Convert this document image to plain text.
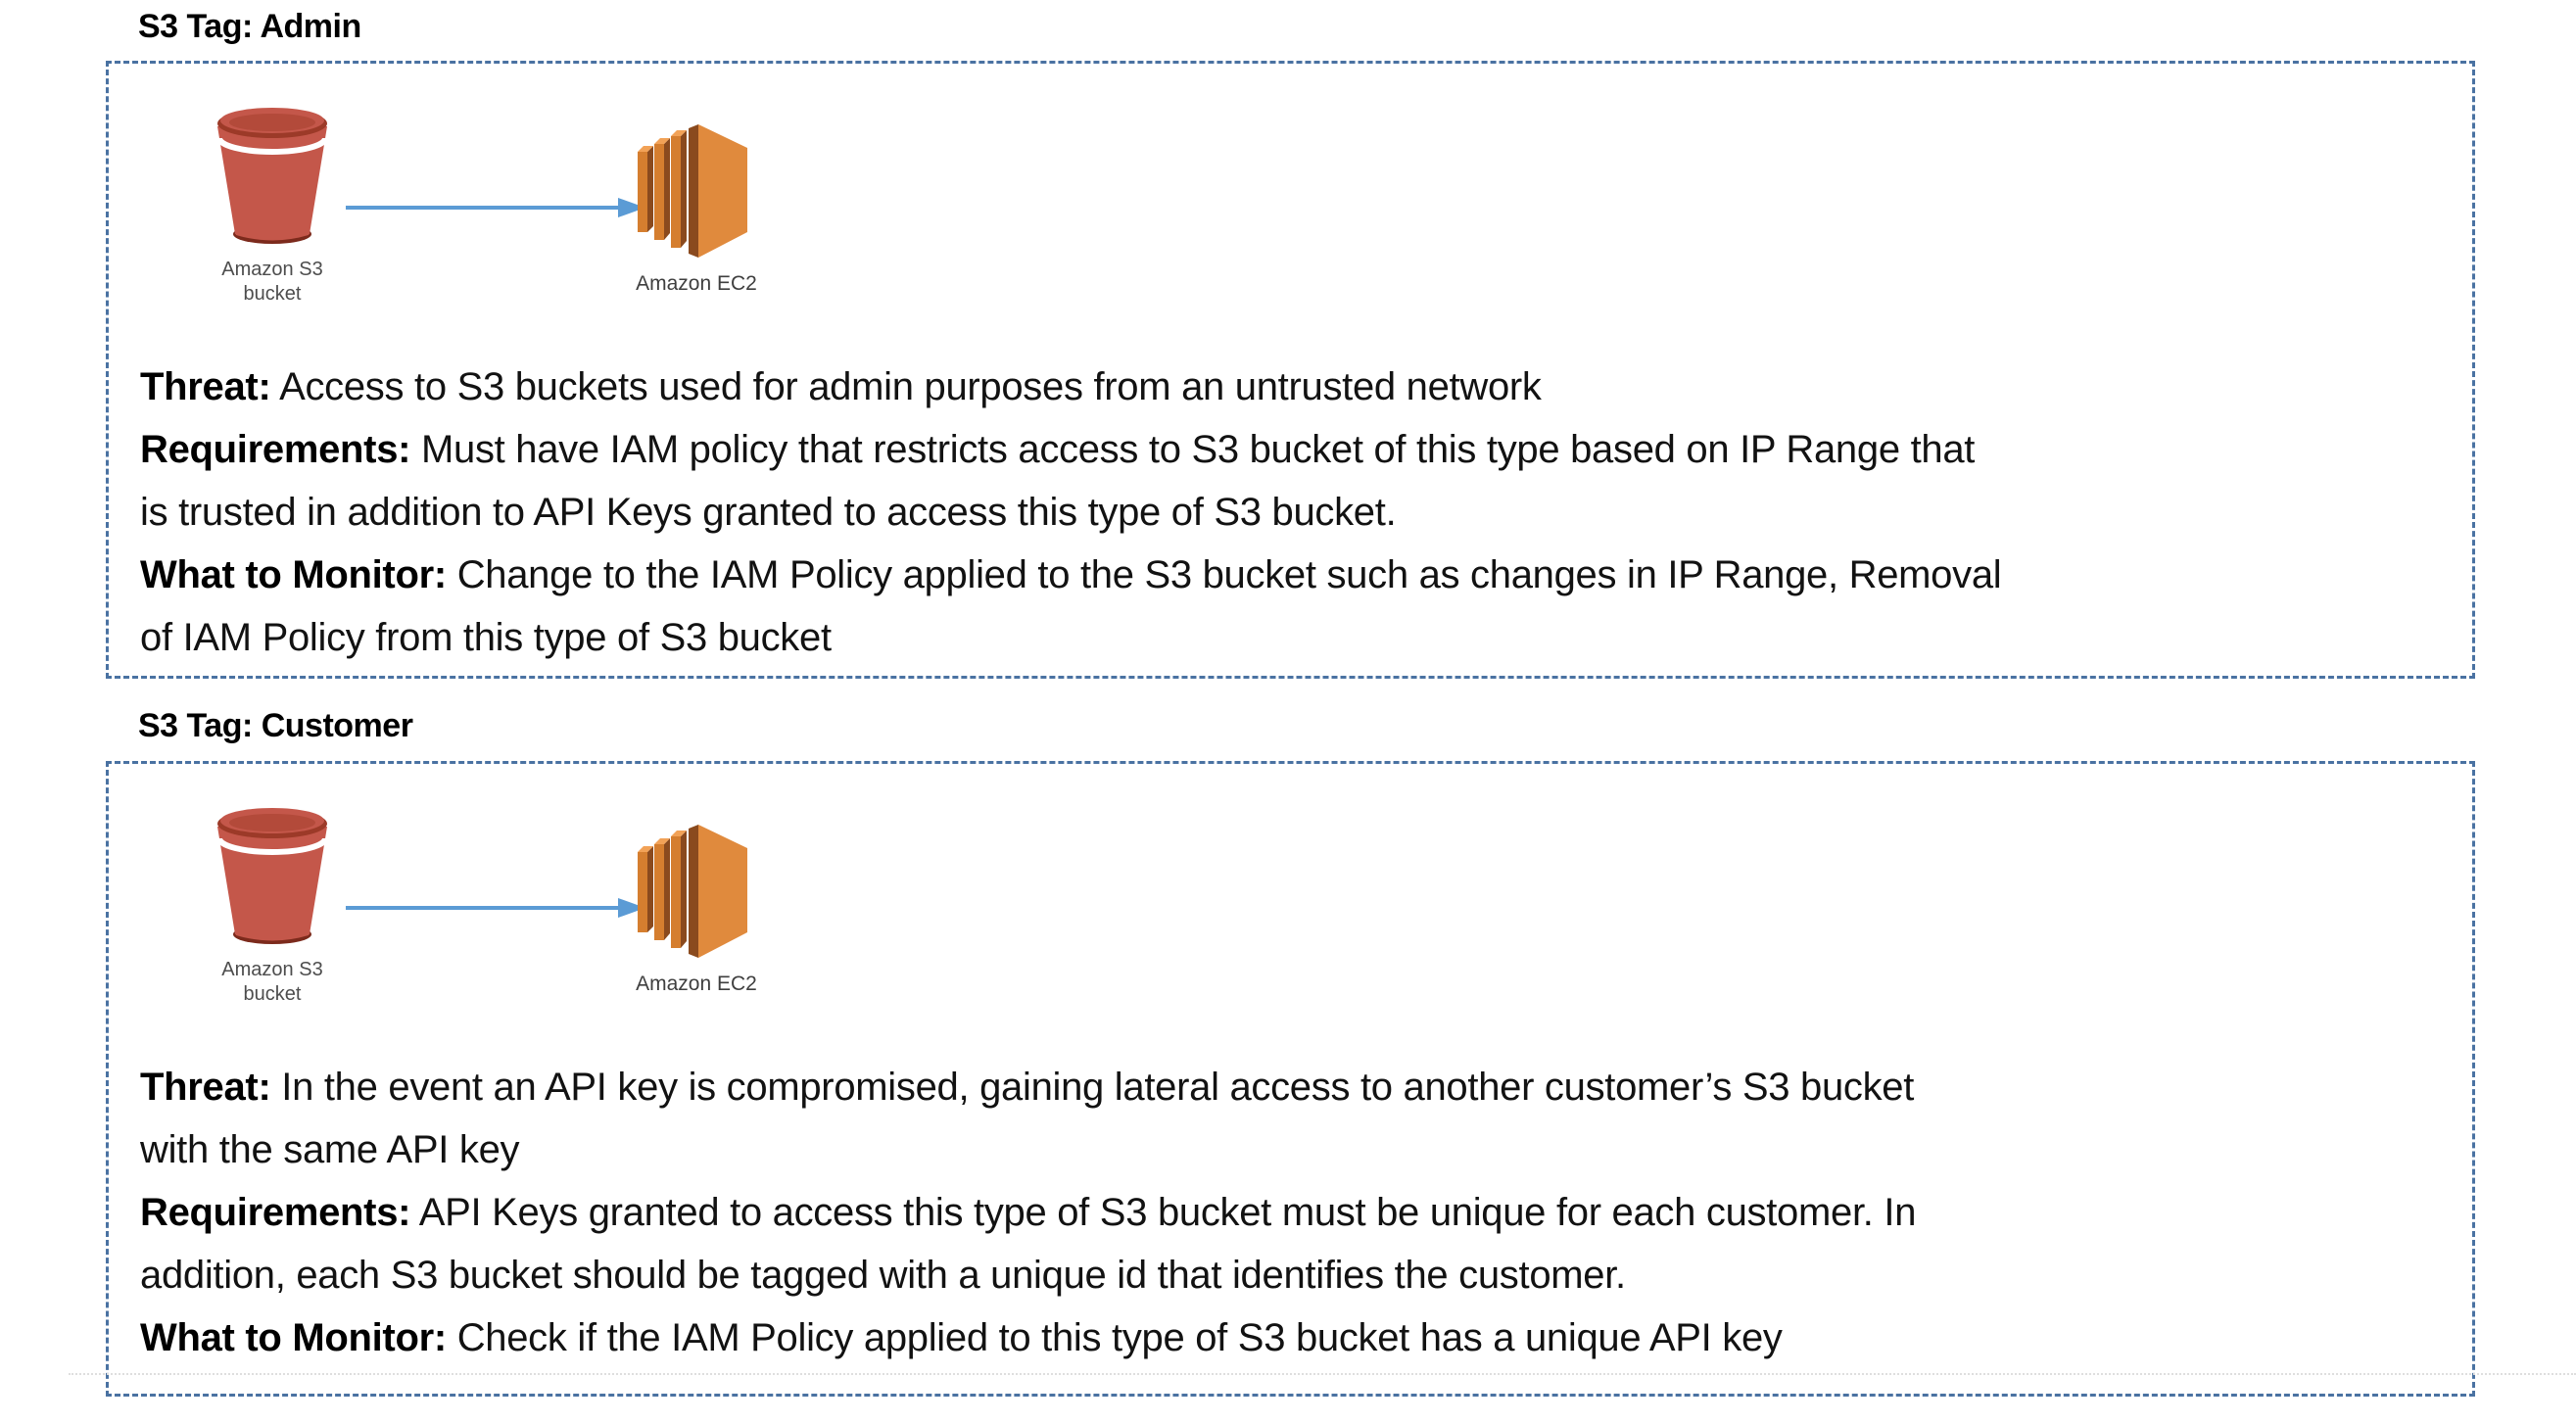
S3 Tag: Admin
Amazon S3
bucket	Amazon EC2
Threat: Access to S3 buckets used for admin purposes from an untrusted network
Requirements: Must have IAM policy that restricts access to S3 bucket of this type based on IP Range that
is trusted in addition to API Keys granted to access this type of S3 bucket.
What to Monitor: Change to the IAM Policy applied to the S3 bucket such as changes in IP Range, Removal
of IAM Policy from this type of S3 bucket
S3 Tag: Customer
Amazon S3
bucket	Amazon EC2
Threat: In the event an API key is compromised, gaining lateral access to another customer’s S3 bucket
with the same API key
Requirements: API Keys granted to access this type of S3 bucket must be unique for each customer. In
addition, each S3 bucket should be tagged with a unique id that identifies the customer.
What to Monitor: Check if the IAM Policy applied to this type of S3 bucket has a unique API key
